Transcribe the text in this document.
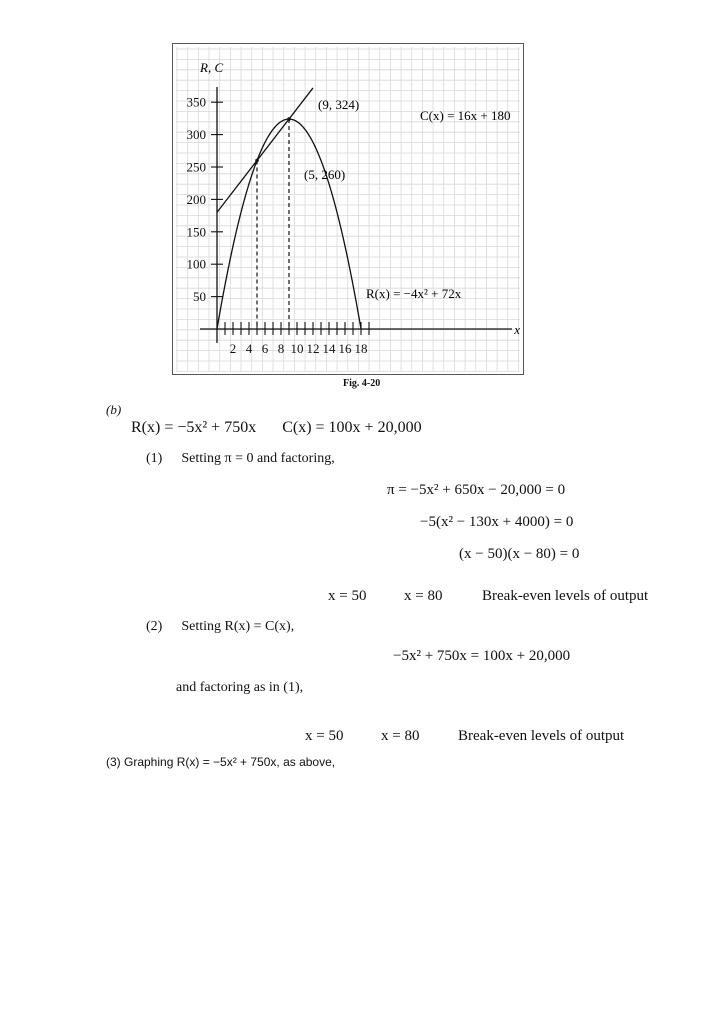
50
100
150
200
250
300
350
2 4 6 8 10 12 14 16 18
R, C
x
(9, 324)
(5, 260)
C(x) = 16x + 180
R(x) = −4x² + 72x
Fig. 4-20
(b)
R(x) = −5x² + 750x C(x) = 100x + 20,000
(1) Setting π = 0 and factoring,
π = −5x² + 650x − 20,000 = 0
−5(x² − 130x + 4000) = 0
(x − 50)(x − 80) = 0
x = 50	x = 80	Break-even levels of output
(2) Setting R(x) = C(x),
−5x² + 750x = 100x + 20,000
and factoring as in (1),
x = 50	x = 80	Break-even levels of output
(3) Graphing R(x) = −5x² + 750x, as above,
